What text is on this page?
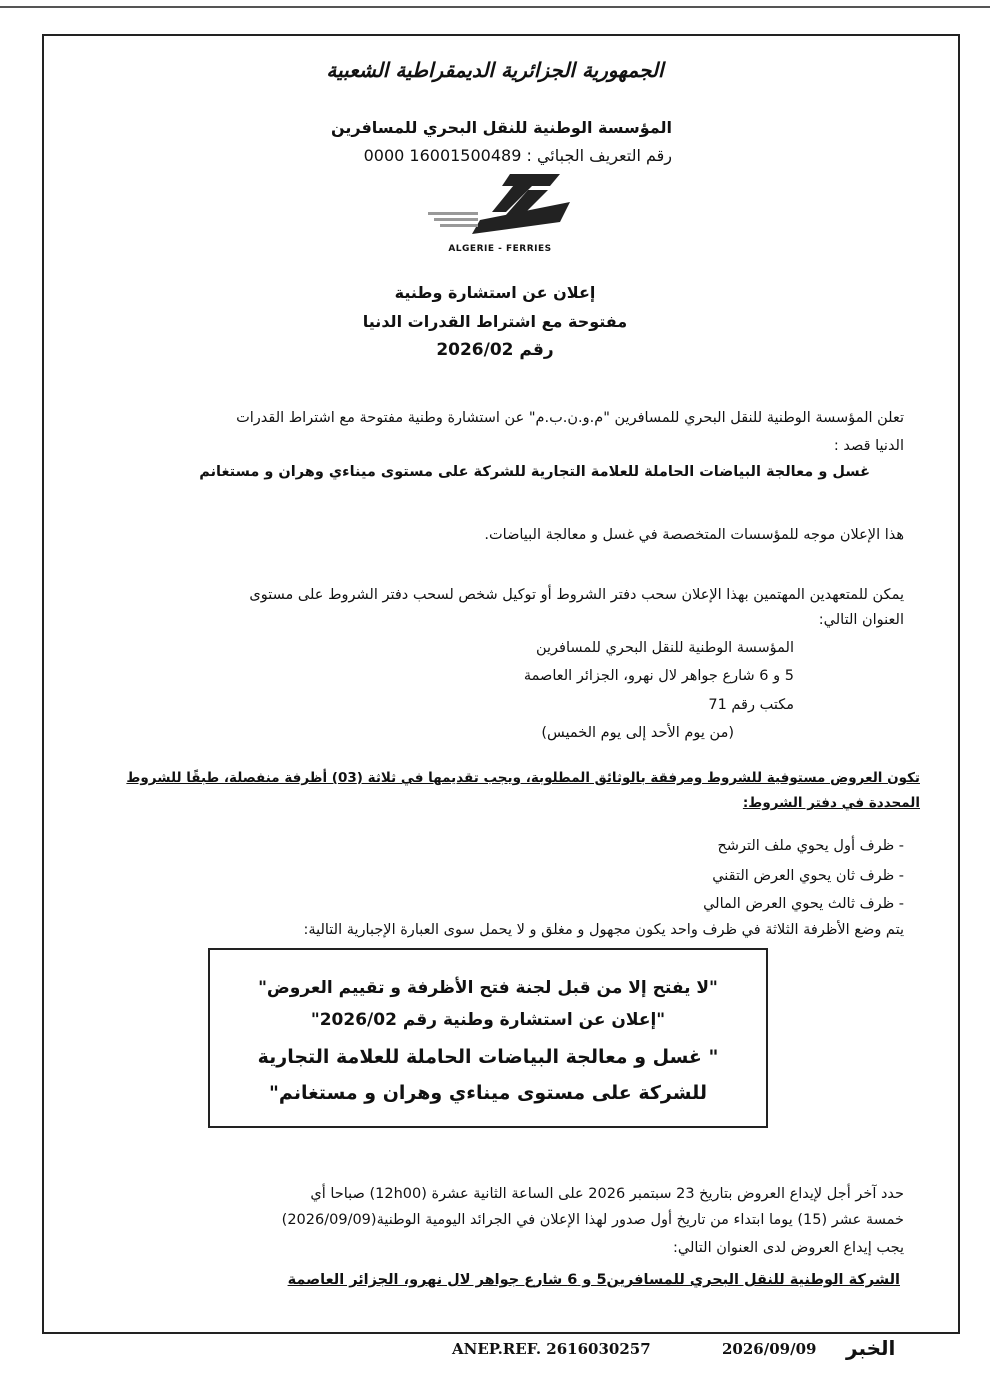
الجمهورية الجزائرية الديمقراطية الشعبية
المؤسسة الوطنية للنقل البحري للمسافرين
رقم التعريف الجبائي : 16001500489 0000
ALGERIE - FERRIES
إعلان عن استشارة وطنية
مفتوحة مع اشتراط القدرات الدنيا
رقم 2026/02
تعلن المؤسسة الوطنية للنقل البحري للمسافرين "م.و.ن.ب.م" عن استشارة وطنية مفتوحة مع اشتراط القدرات
الدنيا قصد :
غسل و معالجة البياضات الحاملة للعلامة التجارية للشركة على مستوى ميناءي وهران و مستغانم
هذا الإعلان موجه للمؤسسات المتخصصة في غسل و معالجة البياضات.
يمكن للمتعهدين المهتمين بهذا الإعلان سحب دفتر الشروط أو توكيل شخص لسحب دفتر الشروط على مستوى
العنوان التالي:
المؤسسة الوطنية للنقل البحري للمسافرين
5 و 6 شارع جواهر لال نهرو، الجزائر العاصمة
مكتب رقم 71
(من يوم الأحد إلى يوم الخميس)
تكون العروض مستوفية للشروط ومرفقة بالوثائق المطلوبة، ويجب تقديمها في ثلاثة (03) أظرفة منفصلة، طبقًا للشروط
المحددة في دفتر الشروط:
- ظرف أول يحوي ملف الترشح
- ظرف ثان يحوي العرض التقني
- ظرف ثالث يحوي العرض المالي
يتم وضع الأظرفة الثلاثة في ظرف واحد يكون مجهول و مغلق و لا يحمل سوى العبارة الإجبارية التالية:
"لا يفتح إلا من قبل لجنة فتح الأظرفة و تقييم العروض"
"إعلان عن استشارة وطنية رقم 2026/02"
" غسل و معالجة البياضات الحاملة للعلامة التجارية
للشركة على مستوى ميناءي وهران و مستغانم"
حدد آخر أجل لإيداع العروض بتاريخ 23 سبتمبر 2026 على الساعة الثانية عشرة (12h00) صباحا أي
خمسة عشر (15) يوما ابتداء من تاريخ أول صدور لهذا الإعلان في الجرائد اليومية الوطنية(2026/09/09)
يجب إيداع العروض لدى العنوان التالي:
الشركة الوطنية للنقل البحري للمسافرين5 و 6 شارع جواهر لال نهرو، الجزائر العاصمة
ANEP.REF. 2616030257	2026/09/09 الخبر
